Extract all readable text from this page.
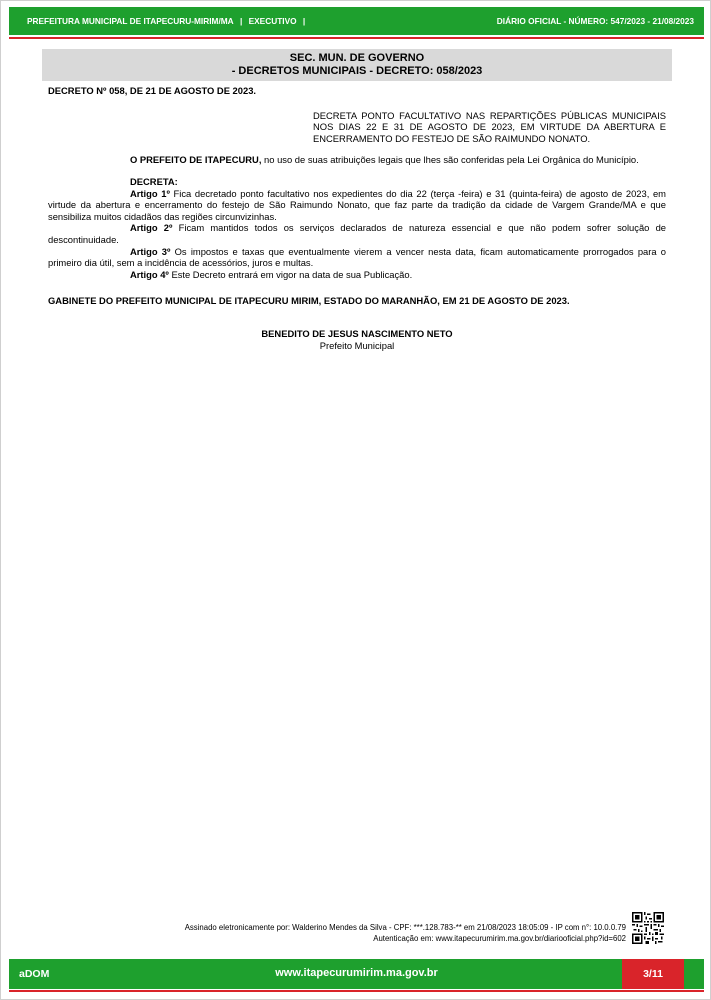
PREFEITURA MUNICIPAL DE ITAPECURU-MIRIM/MA | EXECUTIVO |	DIÁRIO OFICIAL - NÚMERO: 547/2023 - 21/08/2023
SEC. MUN. DE GOVERNO
- DECRETOS MUNICIPAIS - DECRETO: 058/2023

DECRETO Nº 058, DE 21 DE AGOSTO DE 2023.

DECRETA PONTO FACULTATIVO NAS REPARTIÇÕES PÚBLICAS MUNICIPAIS NOS DIAS 22 E 31 DE AGOSTO DE 2023, EM VIRTUDE DA ABERTURA E ENCERRAMENTO DO FESTEJO DE SÃO RAIMUNDO NONATO.

O PREFEITO DE ITAPECURU, no uso de suas atribuições legais que lhes são conferidas pela Lei Orgânica do Município.

DECRETA:

Artigo 1º Fica decretado ponto facultativo nos expedientes do dia 22 (terça -feira) e 31 (quinta-feira) de agosto de 2023, em virtude da abertura e encerramento do festejo de São Raimundo Nonato, que faz parte da tradição da cidade de Vargem Grande/MA e que sensibiliza muitos cidadãos das regiões circunvizinhas.

Artigo 2º Ficam mantidos todos os serviços declarados de natureza essencial e que não podem sofrer solução de descontinuidade.

Artigo 3º Os impostos e taxas que eventualmente vierem a vencer nesta data, ficam automaticamente prorrogados para o primeiro dia útil, sem a incidência de acessórios, juros e multas.

Artigo 4º Este Decreto entrará em vigor na data de sua Publicação.

GABINETE DO PREFEITO MUNICIPAL DE ITAPECURU MIRIM, ESTADO DO MARANHÃO, EM 21 DE AGOSTO DE 2023.

BENEDITO DE JESUS NASCIMENTO NETO
Prefeito Municipal
Assinado eletronicamente por: Walderino Mendes da Silva - CPF: ***.128.783-** em 21/08/2023 18:05:09 - IP com n°: 10.0.0.79
Autenticação em: www.itapecurumirim.ma.gov.br/diariooficial.php?id=602
aDOM	www.itapecurumirim.ma.gov.br	3/11
